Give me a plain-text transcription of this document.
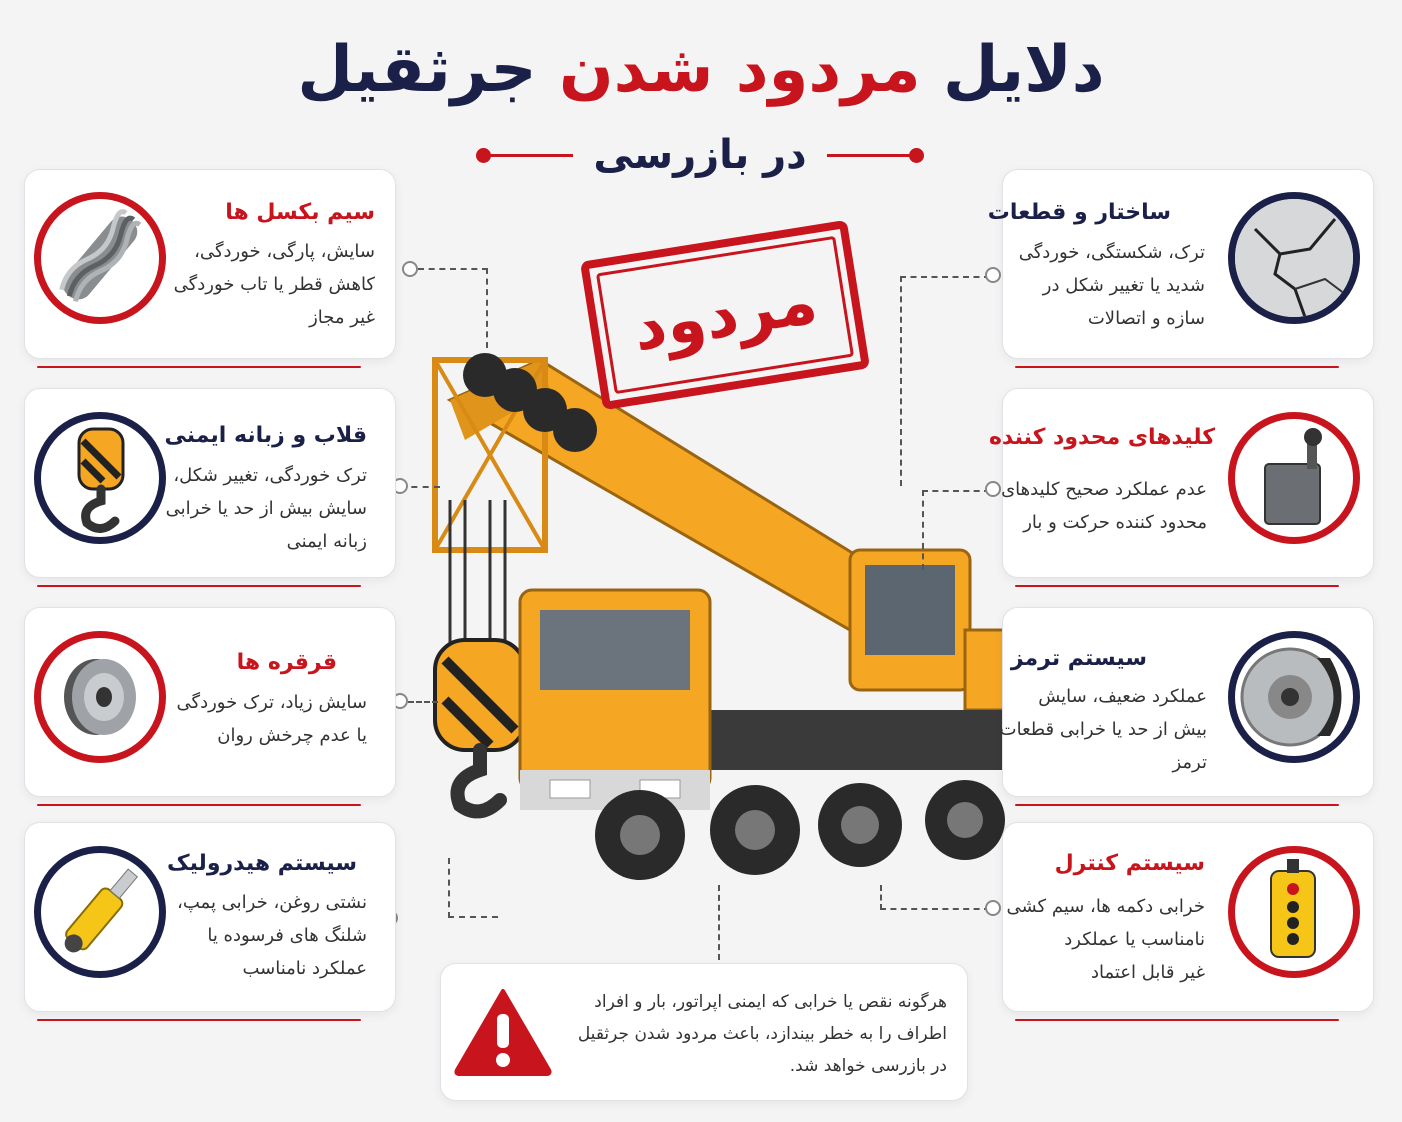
دلایل مردود شدن جرثقیل
در بازرسی
مردود
سیم بکسل ها
سایش، پارگی، خوردگی،
کاهش قطر یا تاب خوردگی
غیر مجاز
قلاب و زبانه ایمنی
ترک خوردگی، تغییر شکل،
سایش بیش از حد یا خرابی
زبانه ایمنی
قرقره ها
سایش زیاد، ترک خوردگی
یا عدم چرخش روان
سیستم هیدرولیک
نشتی روغن، خرابی پمپ،
شلنگ های فرسوده یا
عملکرد نامناسب
ساختار و قطعات
ترک، شکستگی، خوردگی
شدید یا تغییر شکل در
سازه و اتصالات
کلیدهای محدود کننده
عدم عملکرد صحیح کلیدهای
محدود کننده حرکت و بار
سیستم ترمز
عملکرد ضعیف، سایش
بیش از حد یا خرابی قطعات
ترمز
سیستم کنترل
خرابی دکمه ها، سیم کشی
نامناسب یا عملکرد
غیر قابل اعتماد
هرگونه نقص یا خرابی که ایمنی اپراتور، بار و افراد
اطراف را به خطر بیندازد، باعث مردود شدن جرثقیل
در بازرسی خواهد شد.
